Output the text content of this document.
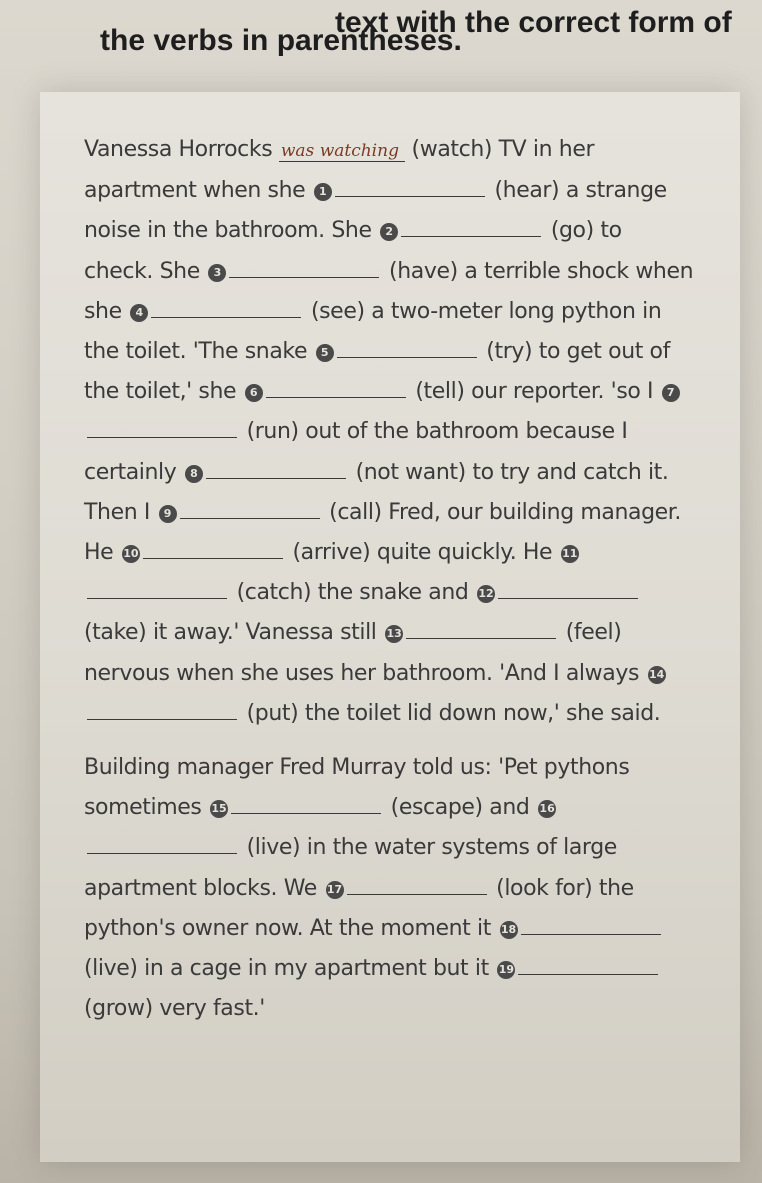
text with the correct form of
the verbs in parentheses.
Vanessa Horrocks was watching (watch) TV in her apartment when she 1	(hear) a strange noise in the bathroom. She 2	(go) to check. She 3	(have) a terrible shock when she 4	(see) a two-meter long python in the toilet. 'The snake 5	(try) to get out of the toilet,' she 6	(tell) our reporter. 'so I 7 (run) out of the bathroom because I certainly 8	(not want) to try and catch it. Then I 9	(call) Fred, our building manager. He 10	(arrive) quite quickly. He 11 (catch) the snake and 12 (take) it away.' Vanessa still 13	(feel) nervous when she uses her bathroom. 'And I always 14 (put) the toilet lid down now,' she said.
Building manager Fred Murray told us: 'Pet pythons sometimes 15	(escape) and 16 (live) in the water systems of large apartment blocks. We 17	(look for) the python's owner now. At the moment it 18 (live) in a cage in my apartment but it 19 (grow) very fast.'
